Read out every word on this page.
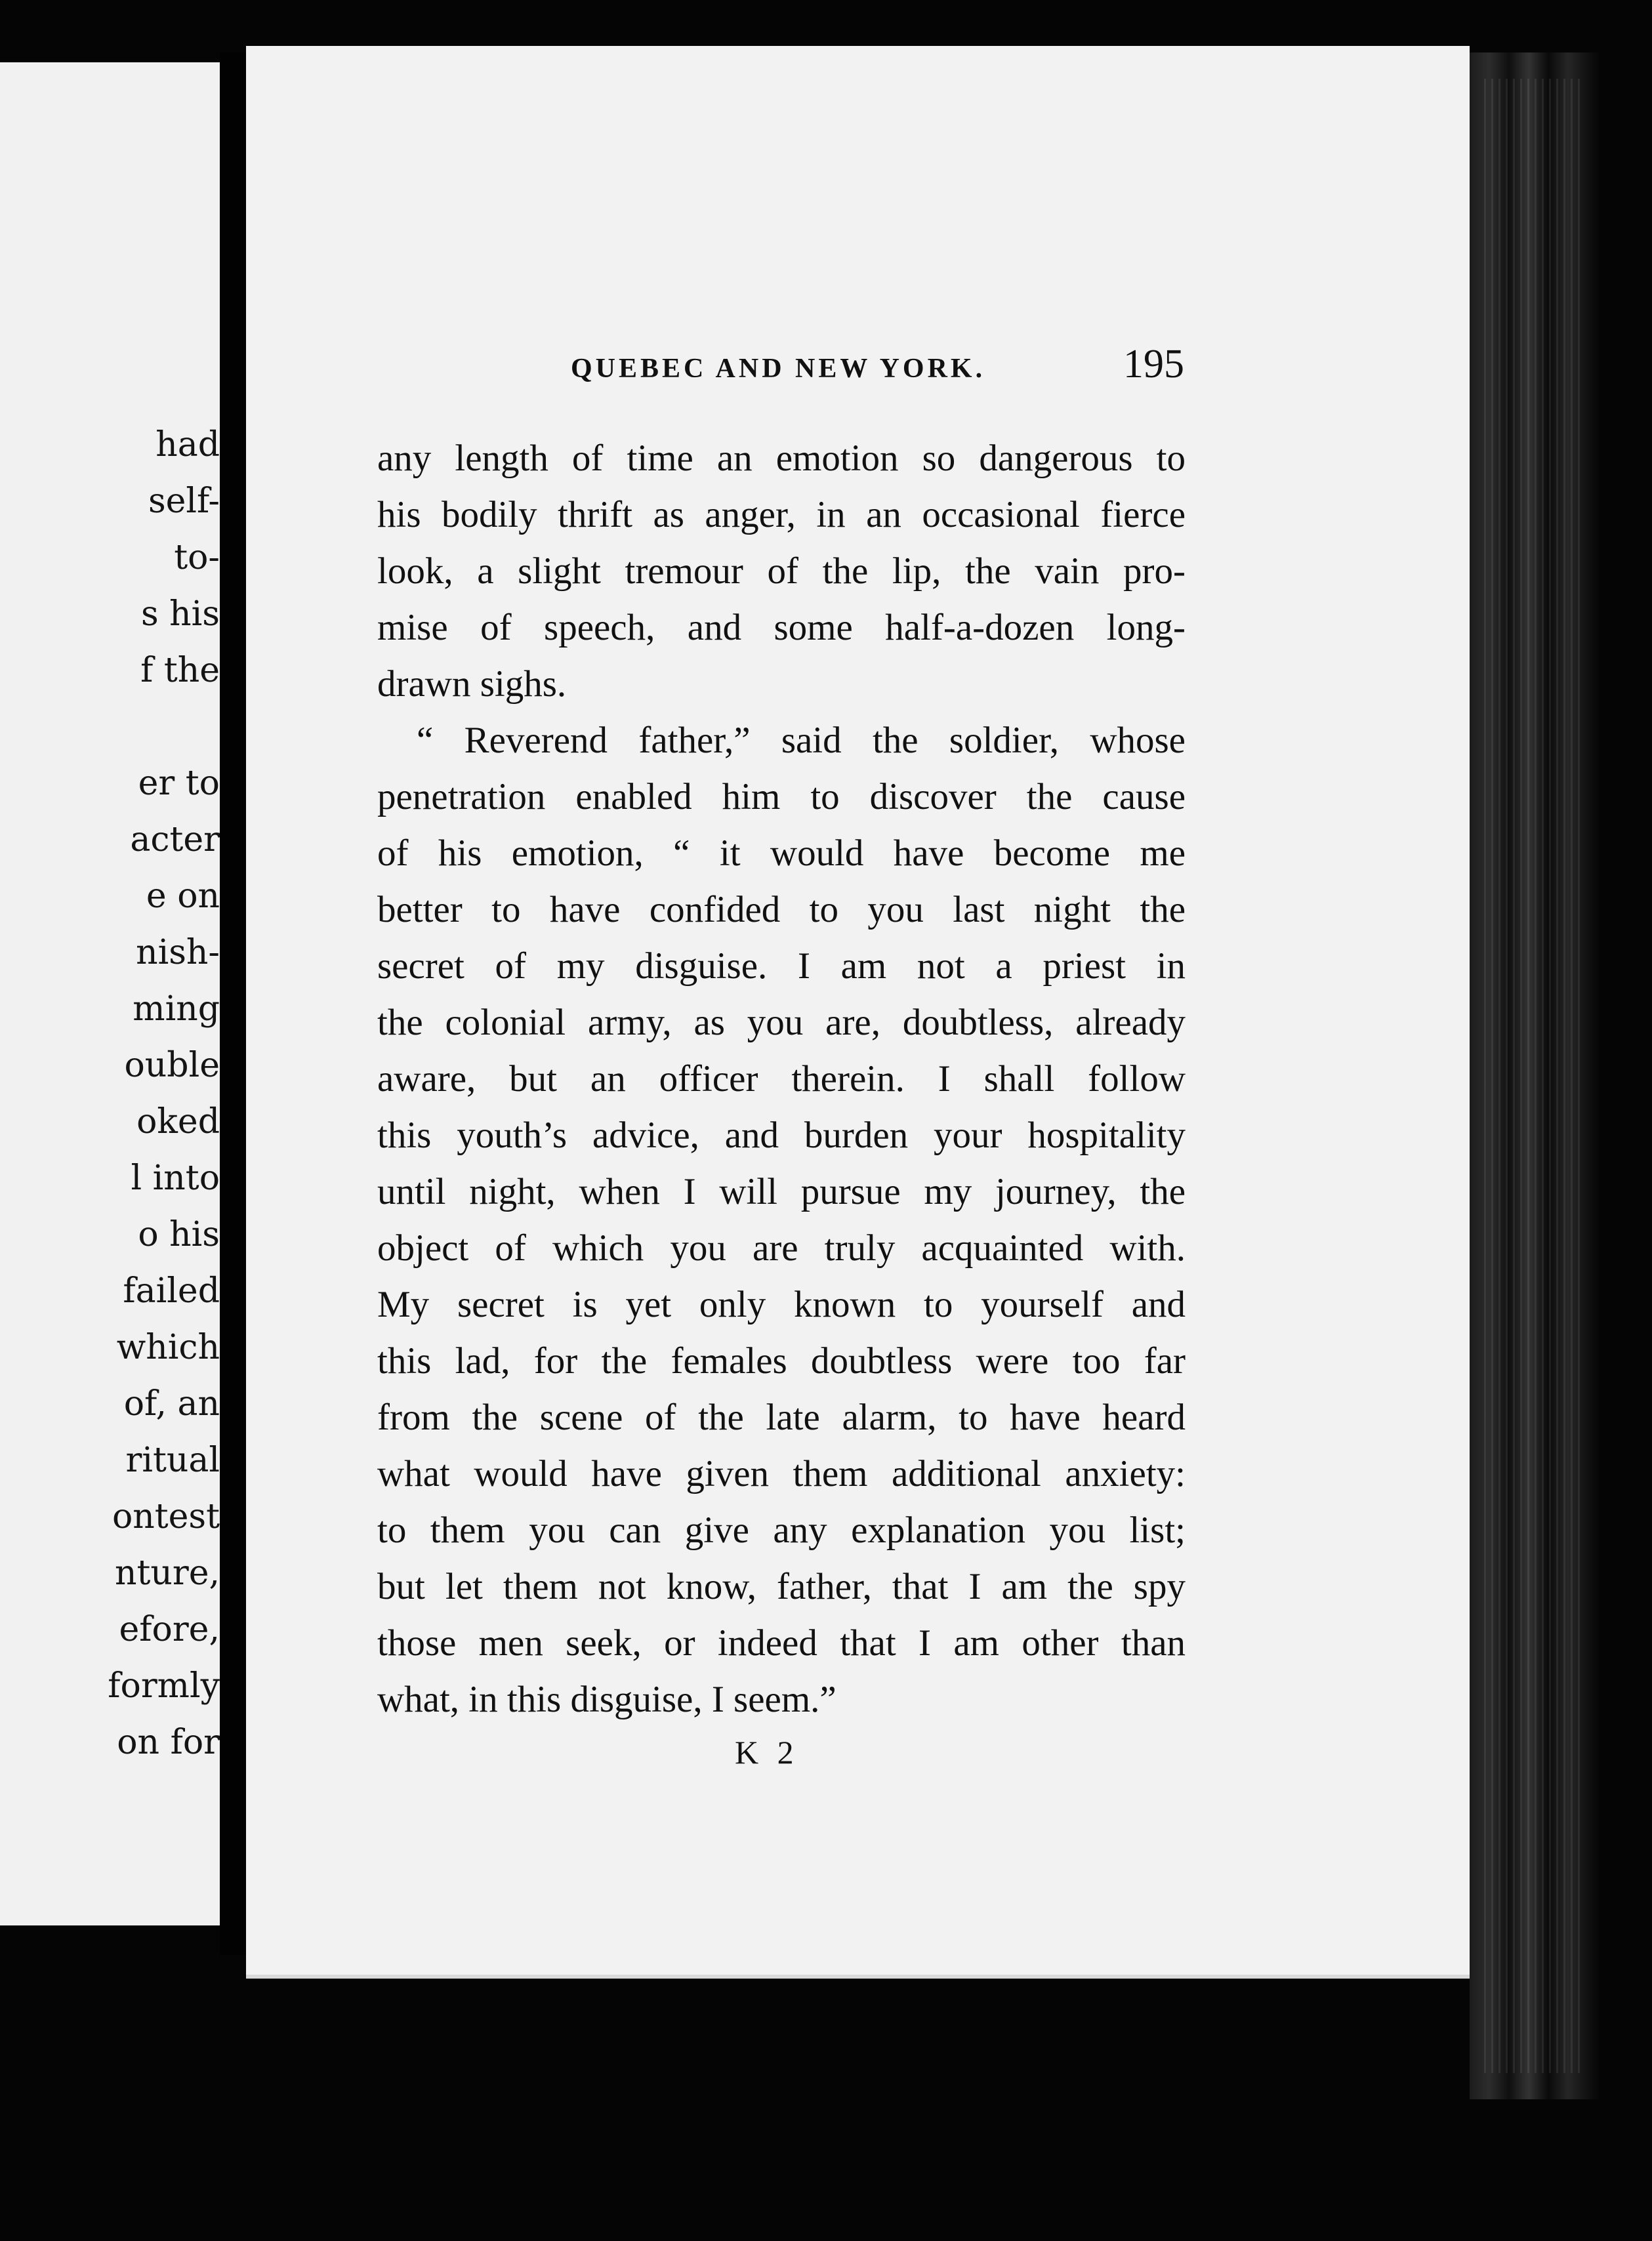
had
self-
to-
s his
f the
er to
acter
e on
nish-
ming
ouble
oked
l into
o his
failed
which
of, an
ritual
ontest
nture,
efore,
formly
on for
QUEBEC AND NEW YORK.	195
any length of time an emotion so dangerous to
his bodily thrift as anger, in an occasional fierce
look, a slight tremour of the lip, the vain pro-
mise of speech, and some half-a-dozen long-
drawn sighs.
“ Reverend father,” said the soldier, whose
penetration enabled him to discover the cause
of his emotion, “ it would have become me
better to have confided to you last night the
secret of my disguise. I am not a priest in
the colonial army, as you are, doubtless, already
aware, but an officer therein. I shall follow
this youth’s advice, and burden your hospitality
until night, when I will pursue my journey, the
object of which you are truly acquainted with.
My secret is yet only known to yourself and
this lad, for the females doubtless were too far
from the scene of the late alarm, to have heard
what would have given them additional anxiety:
to them you can give any explanation you list;
but let them not know, father, that I am the spy
those men seek, or indeed that I am other than
what, in this disguise, I seem.”
K 2
